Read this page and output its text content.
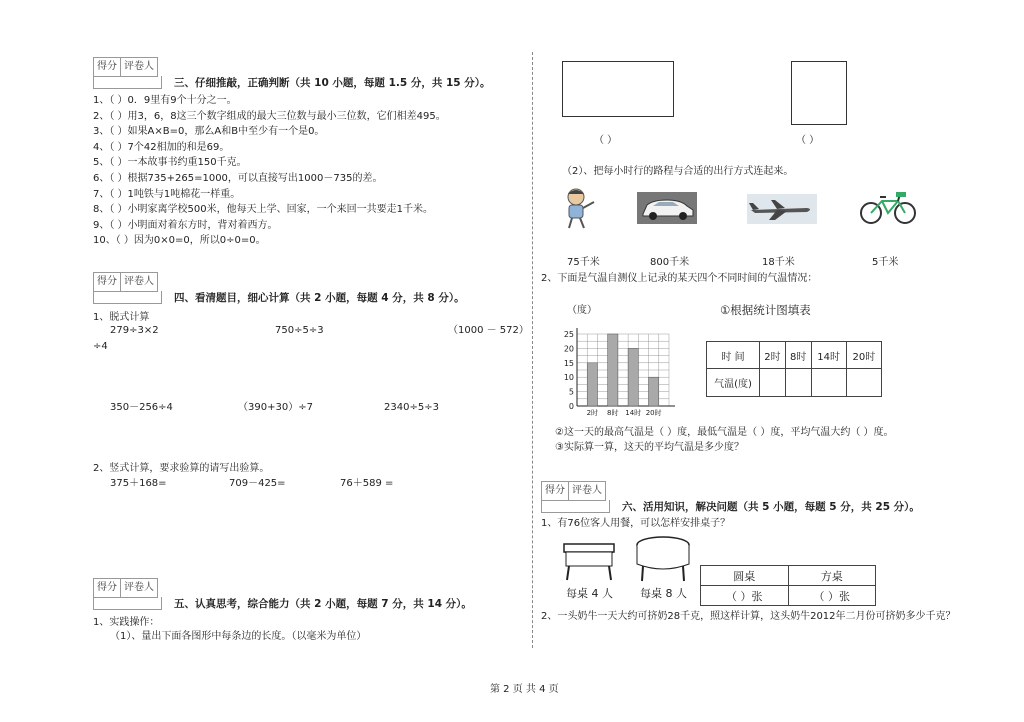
得分 评卷人
三、仔细推敲，正确判断（共 10 小题，每题 1.5 分，共 15 分）。
1、（ ）0．9里有9个十分之一。
2、（ ）用3，6，8这三个数字组成的最大三位数与最小三位数，它们相差495。
3、（ ）如果A×B=0，那么A和B中至少有一个是0。
4、（ ）7个42相加的和是69。
5、（ ）一本故事书约重150千克。
6、（ ）根据735+265=1000，可以直接写出1000－735的差。
7、（ ）1吨铁与1吨棉花一样重。
8、（ ）小明家离学校500米，他每天上学、回家，一个来回一共要走1千米。
9、（ ）小明面对着东方时，背对着西方。
10、（ ）因为0×0=0，所以0÷0=0。
得分 评卷人
四、看清题目，细心计算（共 2 小题，每题 4 分，共 8 分）。
1、脱式计算
279÷3×2	750÷5÷3	（1000 － 572）
÷4
350－256÷4	（390+30）÷7	2340÷5÷3
2、竖式计算，要求验算的请写出验算。
375＋168=	709－425=	76＋589 =
得分 评卷人
五、认真思考，综合能力（共 2 小题，每题 7 分，共 14 分）。
1、实践操作：
（1）、量出下面各图形中每条边的长度。（以毫米为单位）
（ ）	（ ）
（2）、把每小时行的路程与合适的出行方式连起来。
75千米	800千米	18千米	5千米
2、下面是气温自测仪上记录的某天四个不同时间的气温情况：
（度）
0
5
10
15
20
25
2时 8时 14时 20时
①根据统计图填表
时 间	2时	8时	14时	20时
气温(度)				
②这一天的最高气温是（ ）度，最低气温是（ ）度，平均气温大约（ ）度。
③实际算一算，这天的平均气温是多少度？
得分 评卷人
六、活用知识，解决问题（共 5 小题，每题 5 分，共 25 分）。
1、有76位客人用餐，可以怎样安排桌子？
每桌 4 人 每桌 8 人
圆桌	方桌
（ ）张	（ ）张
2、一头奶牛一天大约可挤奶28千克，照这样计算，这头奶牛2012年二月份可挤奶多少千克？
第 2 页 共 4 页
